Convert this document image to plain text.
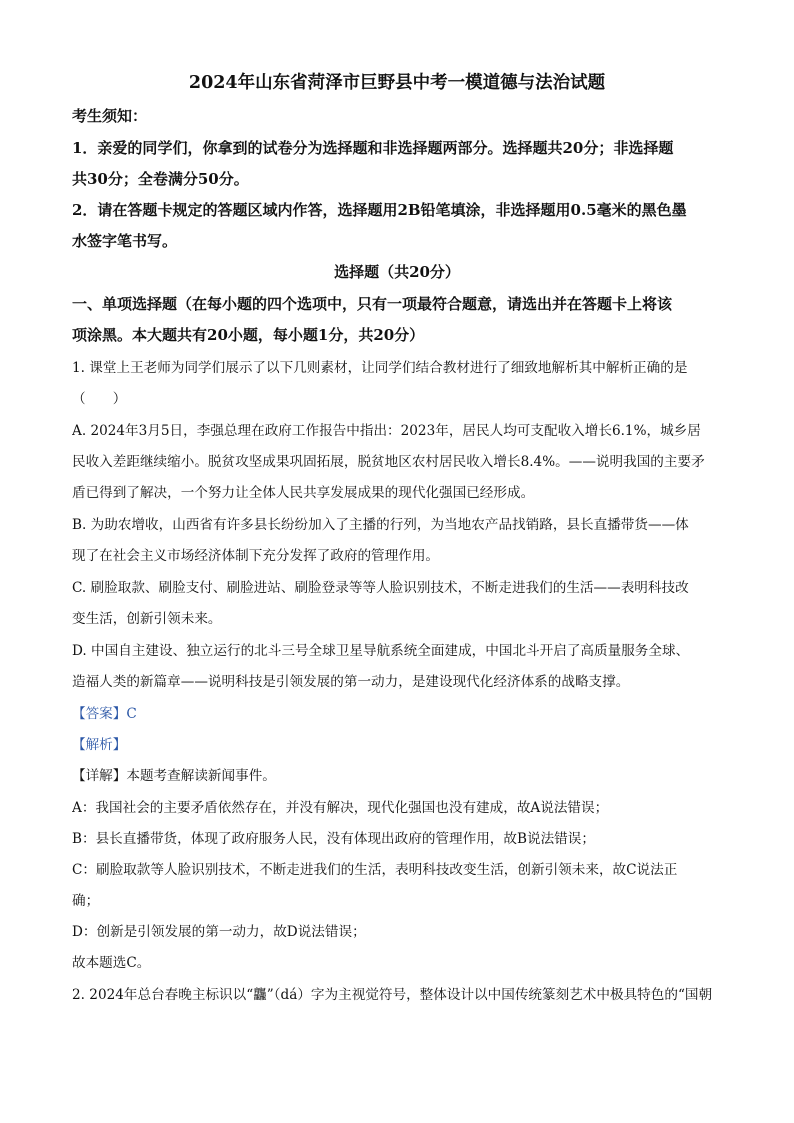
2024年山东省菏泽市巨野县中考一模道德与法治试题
考生须知：
1．亲爱的同学们，你拿到的试卷分为选择题和非选择题两部分。选择题共20分；非选择题
共30分；全卷满分50分。
2．请在答题卡规定的答题区域内作答，选择题用2B铅笔填涂，非选择题用0.5毫米的黑色墨
水签字笔书写。
选择题（共20分）
一、单项选择题（在每小题的四个选项中，只有一项最符合题意，请选出并在答题卡上将该
项涂黑。本大题共有20小题，每小题1分，共20分）
1. 课堂上王老师为同学们展示了以下几则素材，让同学们结合教材进行了细致地解析其中解析正确的是
（　　）
A. 2024年3月5日，李强总理在政府工作报告中指出：2023年，居民人均可支配收入增长6.1%，城乡居
民收入差距继续缩小。脱贫攻坚成果巩固拓展，脱贫地区农村居民收入增长8.4%。——说明我国的主要矛
盾已得到了解决，一个努力让全体人民共享发展成果的现代化强国已经形成。
B. 为助农增收，山西省有许多县长纷纷加入了主播的行列，为当地农产品找销路，县长直播带货——体
现了在社会主义市场经济体制下充分发挥了政府的管理作用。
C. 刷脸取款、刷脸支付、刷脸进站、刷脸登录等等人脸识别技术，不断走进我们的生活——表明科技改
变生活，创新引领未来。
D. 中国自主建设、独立运行的北斗三号全球卫星导航系统全面建成，中国北斗开启了高质量服务全球、
造福人类的新篇章——说明科技是引领发展的第一动力，是建设现代化经济体系的战略支撑。
【答案】C
【解析】
【详解】本题考查解读新闻事件。
A：我国社会的主要矛盾依然存在，并没有解决，现代化强国也没有建成，故A说法错误；
B：县长直播带货，体现了政府服务人民，没有体现出政府的管理作用，故B说法错误；
C：刷脸取款等人脸识别技术，不断走进我们的生活，表明科技改变生活，创新引领未来，故C说法正
确；
D：创新是引领发展的第一动力，故D说法错误；
故本题选C。
2. 2024年总台春晚主标识以“龘”（dá）字为主视觉符号，整体设计以中国传统篆刻艺术中极具特色的“国朝
